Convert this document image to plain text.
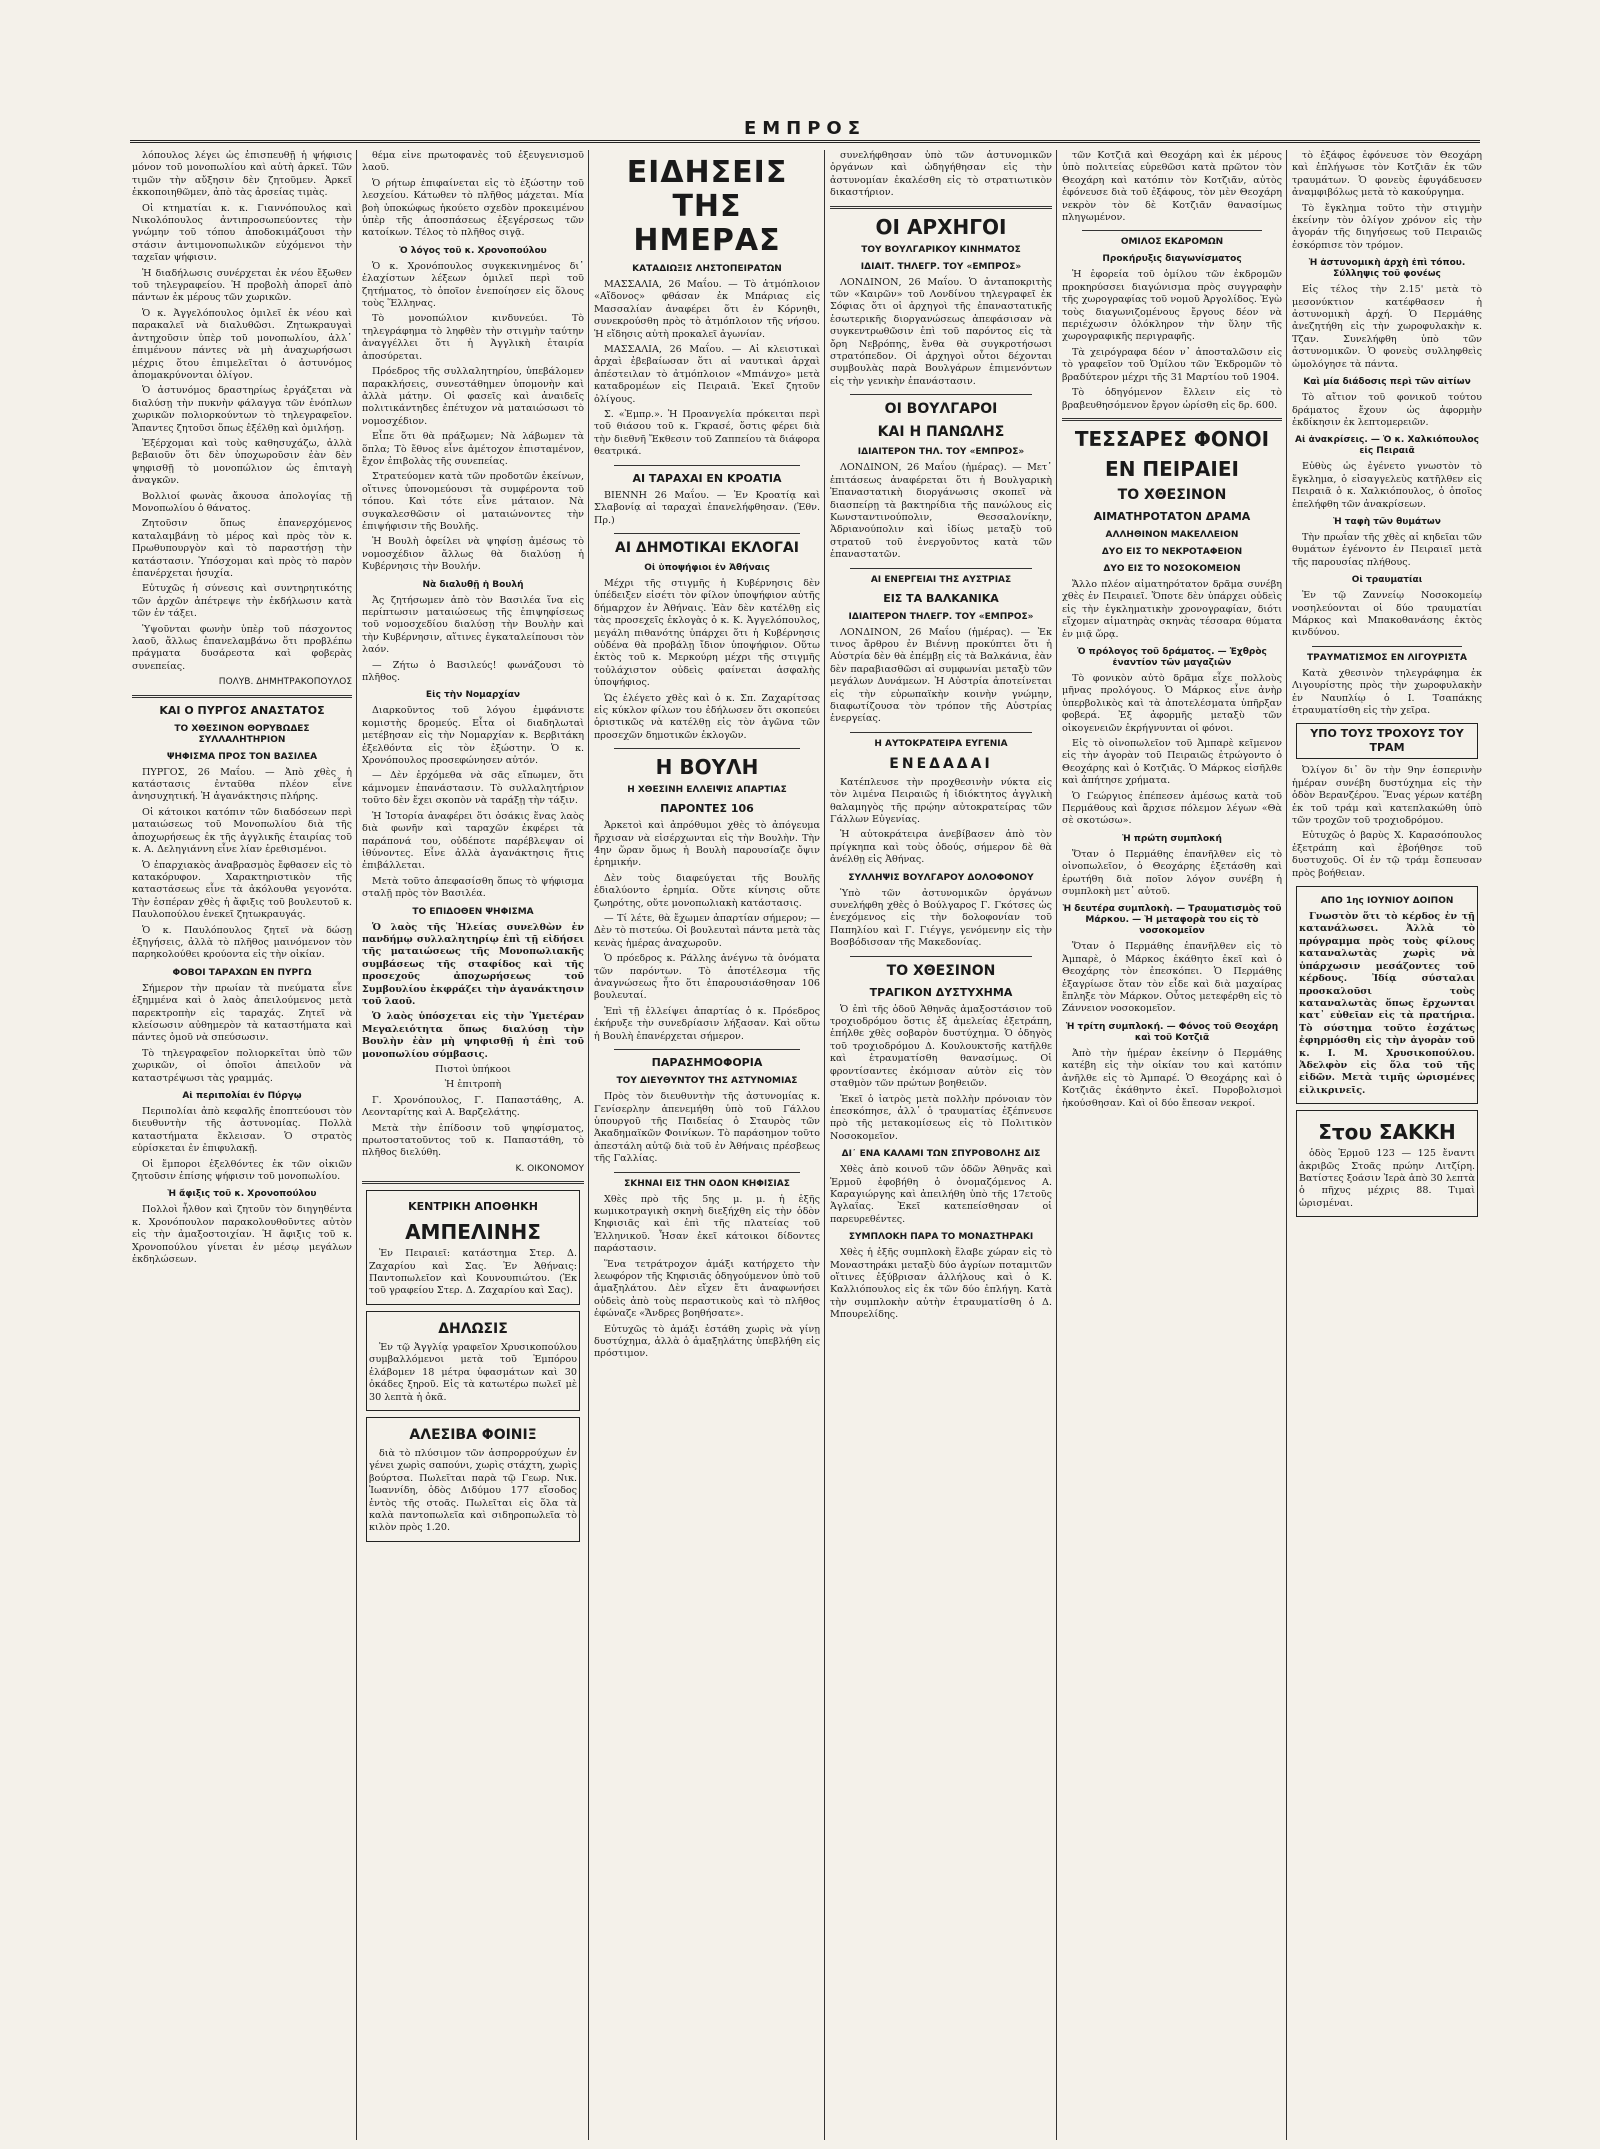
ΕΜΠΡΟΣ

λόπουλος λέγει ὡς ἐπισπευθῇ ἡ ψήφισις μόνον τοῦ μονοπωλίου καὶ αὐτὴ ἀρκεῖ. Τῶν τιμῶν τὴν αὔξησιν δὲν ζητοῦμεν. Ἀρκεῖ ἐκκοποιηθῶμεν, ἀπὸ τὰς ἀρσείας τιμὰς.

Οἱ κτηματίαι κ. κ. Γιαννόπουλος καὶ Νικολόπουλος ἀντιπροσωπεύοντες τὴν γνώμην τοῦ τόπου ἀποδοκιμάζουσι τὴν στάσιν ἀντιμονοπωλικῶν εὐχόμενοι τὴν ταχεῖαν ψήφισιν.

Ἡ διαδήλωσις συνέρχεται ἐκ νέου ἔξωθεν τοῦ τηλεγραφείου. Ἡ προβολὴ ἀπορεῖ ἀπὸ πάντων ἐκ μέρους τῶν χωρικῶν.

Ὁ κ. Ἀγγελόπουλος ὁμιλεῖ ἐκ νέου καὶ παρακαλεῖ νὰ διαλυθῶσι. Ζητωκραυγαὶ ἀντηχοῦσιν ὑπὲρ τοῦ μονοπωλίου, ἀλλ᾽ ἐπιμένουν πάντες νὰ μὴ ἀναχωρήσωσι μέχρις ὅτου ἐπιμελεῖται ὁ ἀστυνόμος ἀπομακρύνονται ὀλίγον.

Ὁ ἀστυνόμος δραστηρίως ἐργάζεται νὰ διαλύσῃ τὴν πυκνὴν φάλαγγα τῶν ἐνόπλων χωρικῶν πολιορκούντων τὸ τηλεγραφεῖον. Ἅπαντες ζητοῦσι ὅπως ἐξέλθῃ καὶ ὁμιλήσῃ.

Ἐξέρχομαι καὶ τοὺς καθησυχάζω, ἀλλὰ βεβαιοῦν ὅτι δὲν ὑποχωροῦσιν ἐὰν δὲν ψηφισθῇ τὸ μονοπώλιον ὡς ἐπιταγὴ ἀναγκῶν.

Βολλιοί φωνὰς ἄκουσα ἀπολογίας τῇ Μονοπωλίου ὁ θάνατος.

Ζητοῦσιν ὅπως ἐπανερχόμενος καταλαμβάνῃ τὸ μέρος καὶ πρὸς τὸν κ. Πρωθυπουργὸν καὶ τὸ παραστήσῃ τὴν κατάστασιν. Ὑπόσχομαι καὶ πρὸς τὸ παρὸν ἐπανέρχεται ἡσυχία.

Εὐτυχῶς ἡ σύνεσις καὶ συντηρητικότης τῶν ἀρχῶν ἀπέτρεψε τὴν ἐκδήλωσιν κατὰ τῶν ἐν τάξει.

Ὑψοῦνται φωνὴν ὑπὲρ τοῦ πάσχοντος λαοῦ, ἄλλως ἐπανελαμβάνω ὅτι προβλέπω πράγματα δυσάρεστα καὶ φοβερὰς συνεπείας.

ΠΟΛΥΒ. ΔΗΜΗΤΡΑΚΟΠΟΥΛΟΣ
ΚΑΙ Ο ΠΥΡΓΟΣ ΑΝΑΣΤΑΤΟΣ
ΤΟ ΧΘΕΣΙΝΟΝ ΘΟΡΥΒΩΔΕΣ ΣΥΛΛΑΛΗΤΗΡΙΟΝ
ΨΗΦΙΣΜΑ ΠΡΟΣ ΤΟΝ ΒΑΣΙΛΕΑ

ΠΥΡΓΟΣ, 26 Μαΐου. — Ἀπὸ χθὲς ἡ κατάστασις ἐνταῦθα πλέον εἶνε ἀνησυχητική. Ἡ ἀγανάκτησις πλήρης.

Οἱ κάτοικοι κατόπιν τῶν διαδόσεων περὶ ματαιώσεως τοῦ Μονοπωλίου διὰ τῆς ἀποχωρήσεως ἐκ τῆς ἀγγλικῆς ἑταιρίας τοῦ κ. Α. Δεληγιάννη εἶνε λίαν ἐρεθισμένοι.

Ὁ ἐπαρχιακὸς ἀναβρασμὸς ἔφθασεν εἰς τὸ κατακόρυφον. Χαρακτηριστικὸν τῆς καταστάσεως εἶνε τὰ ἀκόλουθα γεγονότα. Τὴν ἑσπέραν χθὲς ἡ ἄφιξις τοῦ βουλευτοῦ κ. Παυλοπούλου ἐνεκεῖ ζητωκραυγάς.

Ὁ κ. Παυλόπουλος ζητεῖ νὰ δώσῃ ἐξηγήσεις, ἀλλὰ τὸ πλῆθος μαινόμενον τὸν παρηκολούθει κρούοντα εἰς τὴν οἰκίαν.

ΦΟΒΟΙ ΤΑΡΑΧΩΝ ΕΝ ΠΥΡΓΩ

Σήμερον τὴν πρωίαν τὰ πνεύματα εἶνε ἐξημμένα καὶ ὁ λαὸς ἀπειλούμενος μετὰ παρεκτροπὴν εἰς ταραχάς. Ζητεῖ νὰ κλείσωσιν αὐθημερὸν τὰ καταστήματα καὶ πάντες ὁμοῦ νὰ σπεύσωσιν.

Τὸ τηλεγραφεῖον πολιορκεῖται ὑπὸ τῶν χωρικῶν, οἱ ὁποῖοι ἀπειλοῦν νὰ καταστρέψωσι τὰς γραμμάς.

Αἱ περιπολίαι ἐν Πύργῳ

Περιπολίαι ἀπὸ κεφαλῆς ἐποπτεύουσι τὸν διευθυντὴν τῆς ἀστυνομίας. Πολλὰ καταστήματα ἔκλεισαν. Ὁ στρατὸς εὑρίσκεται ἐν ἐπιφυλακῇ.

Οἱ ἔμποροι ἐξελθόντες ἐκ τῶν οἰκιῶν ζητοῦσιν ἐπίσης ψήφισιν τοῦ μονοπωλίου.

Ἡ ἄφιξις τοῦ κ. Χρονοπούλου

Πολλοὶ ἦλθον καὶ ζητοῦν τὸν διηγηθέντα κ. Χρονόπουλον παρακολουθοῦντες αὐτὸν εἰς τὴν ἀμαξοστοιχίαν. Ἡ ἄφιξις τοῦ κ. Χρονοπούλου γίνεται ἐν μέσῳ μεγάλων ἐκδηλώσεων.

θέμα εἶνε πρωτοφανὲς τοῦ ἐξευγενισμοῦ λαοῦ.

Ὁ ρήτωρ ἐπιφαίνεται εἰς τὸ ἐξώστην τοῦ λεσχείου. Κάτωθεν τὸ πλῆθος μάχεται. Μία βοὴ ὑποκώφως ἠκούετο σχεδὸν προκειμένου ὑπὲρ τῆς ἀποσπάσεως ἐξεγέρσεως τῶν κατοίκων. Τέλος τὸ πλῆθος σιγᾷ.

Ὁ λόγος τοῦ κ. Χρονοπούλου

Ὁ κ. Χρονόπουλος συγκεκινημένος δι᾽ ἐλαχίστων λέξεων ὁμιλεῖ περὶ τοῦ ζητήματος, τὸ ὁποῖον ἐνεποίησεν εἰς ὅλους τοὺς Ἕλληνας.

Τὸ μονοπώλιον κινδυνεύει. Τὸ τηλεγράφημα τὸ ληφθὲν τὴν στιγμὴν ταύτην ἀναγγέλλει ὅτι ἡ Ἀγγλικὴ ἑταιρία ἀποσύρεται.

Πρόεδρος τῆς συλλαλητηρίου, ὑπεβάλομεν παρακλήσεις, συνεστάθημεν ὑπομονὴν καὶ ἀλλὰ μάτην. Οἱ φασεῖς καὶ ἀναιδεῖς πολιτικάντηδες ἐπέτυχον νὰ ματαιώσωσι τὸ νομοσχέδιον.

Εἶπε ὅτι θὰ πράξωμεν; Νὰ λάβωμεν τὰ ὅπλα; Τὸ ἔθνος εἶνε ἀμέτοχον ἐπισταμένον, ἔχον ἐπιβολὰς τῆς συνεπείας.

Στρατεύομεν κατὰ τῶν προδοτῶν ἐκείνων, οἵτινες ὑπονομεύουσι τὰ συμφέροντα τοῦ τόπου. Καὶ τότε εἶνε μάταιον. Νὰ συγκαλεσθῶσιν οἱ ματαιώνοντες τὴν ἐπιψήφισιν τῆς Βουλῆς.

Ἡ Βουλὴ ὀφείλει νὰ ψηφίσῃ ἀμέσως τὸ νομοσχέδιον ἄλλως θὰ διαλύσῃ ἡ Κυβέρνησις τὴν Βουλήν.

Νὰ διαλυθῇ ἡ Βουλή

Ἀς ζητήσωμεν ἀπὸ τὸν Βασιλέα ἵνα εἰς περίπτωσιν ματαιώσεως τῆς ἐπιψηφίσεως τοῦ νομοσχεδίου διαλύσῃ τὴν Βουλὴν καὶ τὴν Κυβέρνησιν, αἵτινες ἐγκαταλείπουσι τὸν λαόν.

— Ζήτω ὁ Βασιλεύς! φωνάζουσι τὸ πλῆθος.

Εἰς τὴν Νομαρχίαν

Διαρκοῦντος τοῦ λόγου ἐμφάνιστε κομιστὴς δρομεύς. Εἶτα οἱ διαδηλωταὶ μετέβησαν εἰς τὴν Νομαρχίαν κ. Βερβιτάκη ἐξελθόντα εἰς τὸν ἐξώστην. Ὁ κ. Χρονόπουλος προσεφώνησεν αὐτόν.

— Δὲν ἐρχόμεθα νὰ σᾶς εἴπωμεν, ὅτι κάμνομεν ἐπανάστασιν. Τὸ συλλαλητήριον τοῦτο δὲν ἔχει σκοπὸν νὰ ταράξῃ τὴν τάξιν.

Ἡ Ἱστορία ἀναφέρει ὅτι ὁσάκις ἕνας λαὸς διὰ φωνῆν καὶ ταραχῶν ἐκφέρει τὰ παράπονά του, οὐδέποτε παρέβλεψαν οἱ ἰθύνοντες. Εἶνε ἀλλὰ ἀγανάκτησις ἤτις ἐπιβάλλεται.

Μετὰ τοῦτο ἀπεφασίσθη ὅπως τὸ ψήφισμα σταλῇ πρὸς τὸν Βασιλέα.

ΤΟ ΕΠΙΔΟΘΕΝ ΨΗΦΙΣΜΑ

Ὁ λαὸς τῆς Ἠλείας συνελθὼν ἐν πανδήμῳ συλλαλητηρίῳ ἐπὶ τῇ εἰδήσει τῆς ματαιώσεως τῆς Μονοπωλιακῆς συμβάσεως τῆς σταφίδος καὶ τῆς προσεχοῦς ἀποχωρήσεως τοῦ Συμβουλίου ἐκφράζει τὴν ἀγανάκτησιν τοῦ λαοῦ.

Ὁ λαὸς ὑπόσχεται εἰς τὴν Ὑμετέραν Μεγαλειότητα ὅπως διαλύσῃ τὴν Βουλὴν ἐὰν μὴ ψηφισθῇ ἡ ἐπὶ τοῦ μονοπωλίου σύμβασις.

Πιστοὶ ὑπήκοοι

Ἡ ἐπιτροπὴ

Γ. Χρονόπουλος, Γ. Παπαστάθης, Α. Λεονταρίτης καὶ Α. Βαρζελάτης.

Μετὰ τὴν ἐπίδοσιν τοῦ ψηφίσματος, πρωτοστατοῦντος τοῦ κ. Παπαστάθη, τὸ πλῆθος διελύθη.

Κ. ΟΙΚΟΝΟΜΟΥ
ΚΕΝΤΡΙΚΗ ΑΠΟΘΗΚΗ
ΑΜΠΕΛΙΝΗΣ

Ἐν Πειραιεῖ: κατάστημα Στερ. Δ. Ζαχαρίου καὶ Σας. Ἐν Ἀθήναις: Παντοπωλεῖον καὶ Κουνουπιώτου. (Ἐκ τοῦ γραφείου Στερ. Δ. Ζαχαρίου καὶ Σας).

ΔΗΛΩΣΙΣ

Ἐν τῷ Ἀγγλίᾳ γραφεῖον Χρυσικοπούλου συμβαλλόμενοι μετὰ τοῦ Ἐμπόρου ἐλάβομεν 18 μέτρα ὑφασμάτων καὶ 30 ὀκάδες ξηροῦ. Εἰς τὰ κατωτέρω πωλεῖ μὲ 30 λεπτὰ ἡ ὀκᾶ.

ΑΛΕΣΙΒΑ ΦΟΙΝΙΞ

διὰ τὸ πλύσιμον τῶν ἀσπρορρούχων ἐν γένει χωρὶς σαπούνι, χωρὶς στάχτη, χωρὶς βούρτσα. Πωλεῖται παρὰ τῷ Γεωρ. Νικ. Ἰωαννίδη, ὁδὸς Διδύμου 177 εἴσοδος ἐντὸς τῆς στοᾶς. Πωλεῖται εἰς ὅλα τὰ καλὰ παντοπωλεῖα καὶ σιδηροπωλεῖα τὸ κιλὸν πρὸς 1.20.

ΕΙΔΗΣΕΙΣ ΤΗΣ ΗΜΕΡΑΣ
ΚΑΤΑΔΙΩΞΙΣ ΛΗΣΤΟΠΕΙΡΑΤΩΝ

ΜΑΣΣΑΛΙΑ, 26 Μαΐου. — Τὸ ἀτμόπλοιον «Αἴδονος» φθάσαν ἐκ Μπάριας εἰς Μασσαλίαν ἀναφέρει ὅτι ἐν Κόρνηθι, συνεκρούσθη πρὸς τὸ ἀτμόπλοιον τῆς νήσου. Ἡ εἴδησις αὐτὴ προκαλεῖ ἀγωνίαν.

ΜΑΣΣΑΛΙΑ, 26 Μαΐου. — Αἱ κλειστικαὶ ἀρχαὶ ἐβεβαίωσαν ὅτι αἱ ναυτικαὶ ἀρχαὶ ἀπέστειλαν τὸ ἀτμόπλοιον «Μπιάνχο» μετὰ καταδρομέων εἰς Πειραιᾶ. Ἐκεῖ ζητοῦν ὀλίγους.

Σ. «Ἐμπρ.». Ἡ Προανγελία πρόκειται περὶ τοῦ θιάσου τοῦ κ. Γκρασέ, ὅστις φέρει διὰ τὴν διεθνῆ Ἔκθεσιν τοῦ Ζαππείου τὰ διάφορα θεατρικά.

ΑΙ ΤΑΡΑΧΑΙ ΕΝ ΚΡΟΑΤΙΑ

ΒΙΕΝΝΗ 26 Μαΐου. — Ἐν Κροατίᾳ καὶ Σλαβονίᾳ αἱ ταραχαὶ ἐπανελήφθησαν. (Ἐθν. Πρ.)

ΑΙ ΔΗΜΟΤΙΚΑΙ ΕΚΛΟΓΑΙ
Οἱ ὑποψήφιοι ἐν Ἀθήναις

Μέχρι τῆς στιγμῆς ἡ Κυβέρνησις δὲν ὑπέδειξεν εἰσέτι τὸν φίλον ὑποψήφιον αὐτῆς δήμαρχον ἐν Ἀθήναις. Ἐὰν δὲν κατέλθῃ εἰς τὰς προσεχεῖς ἐκλογὰς ὁ κ. Κ. Ἀγγελόπουλος, μεγάλη πιθανότης ὑπάρχει ὅτι ἡ Κυβέρνησις οὐδένα θὰ προβάλῃ ἴδιον ὑποψήφιον. Οὕτω ἐκτὸς τοῦ κ. Μερκούρη μέχρι τῆς στιγμῆς τοὐλάχιστον οὐδεὶς φαίνεται ἀσφαλὴς ὑποψήφιος.

Ὡς ἐλέγετο χθὲς καὶ ὁ κ. Σπ. Ζαχαρίτσας εἰς κύκλον φίλων του ἐδήλωσεν ὅτι σκοπεύει ὁριστικῶς νὰ κατέλθῃ εἰς τὸν ἀγῶνα τῶν προσεχῶν δημοτικῶν ἐκλογῶν.

Η ΒΟΥΛΗ
Η ΧΘΕΣΙΝΗ ΕΛΛΕΙΨΙΣ ΑΠΑΡΤΙΑΣ
ΠΑΡΟΝΤΕΣ 106

Ἀρκετοὶ καὶ ἀπρόθυμοι χθὲς τὸ ἀπόγευμα ἤρχισαν νὰ εἰσέρχωνται εἰς τὴν Βουλὴν. Τὴν 4ην ὥραν ὅμως ἡ Βουλὴ παρουσίαζε ὄψιν ἐρημικήν.

Δὲν τοὺς διαφεύγεται τῆς Βουλῆς ἐδιαλύοντο ἐρημία. Οὔτε κίνησις οὔτε ζωηρότης, οὔτε μονοπωλιακὴ κατάστασις.

— Τί λέτε, θὰ ἔχωμεν ἀπαρτίαν σήμερον; — Δὲν τὸ πιστεύω. Οἱ βουλευταὶ πάντα μετὰ τὰς κενὰς ἡμέρας ἀναχωροῦν.

Ὁ πρόεδρος κ. Ράλλης ἀνέγνω τὰ ὀνόματα τῶν παρόντων. Τὸ ἀποτέλεσμα τῆς ἀναγνώσεως ἦτο ὅτι ἐπαρουσιάσθησαν 106 βουλευταί.

Ἐπὶ τῇ ἐλλείψει ἀπαρτίας ὁ κ. Πρόεδρος ἐκήρυξε τὴν συνεδρίασιν λήξασαν. Καὶ οὕτω ἡ Βουλὴ ἐπανέρχεται σήμερον.

ΠΑΡΑΣΗΜΟΦΟΡΙΑ
ΤΟΥ ΔΙΕΥΘΥΝΤΟΥ ΤΗΣ ΑΣΤΥΝΟΜΙΑΣ

Πρὸς τὸν διευθυντὴν τῆς ἀστυνομίας κ. Γενίσερλην ἀπενεμήθη ὑπὸ τοῦ Γάλλου ὑπουργοῦ τῆς Παιδείας ὁ Σταυρὸς τῶν Ἀκαδημαϊκῶν Φοινίκων. Τὸ παράσημον τοῦτο ἀπεστάλη αὐτῷ διὰ τοῦ ἐν Ἀθήναις πρέσβεως τῆς Γαλλίας.

ΣΚΗΝΑΙ ΕΙΣ ΤΗΝ ΟΔΟΝ ΚΗΦΙΣΙΑΣ

Χθὲς πρὸ τῆς 5ης μ. μ. ἡ ἑξῆς κωμικοτραγικὴ σκηνὴ διεξήχθη εἰς τὴν ὁδὸν Κηφισιᾶς καὶ ἐπὶ τῆς πλατείας τοῦ Ἑλληνικοῦ. Ἦσαν ἐκεῖ κάτοικοι δίδοντες παράστασιν.

Ἕνα τετράτροχον ἁμάξι κατήρχετο τὴν λεωφόρον τῆς Κηφισιᾶς ὁδηγούμενον ὑπὸ τοῦ ἁμαξηλάτου. Δὲν εἴχεν ἔτι ἀναφωνήσει οὐδεὶς ἀπὸ τοὺς περαστικοὺς καὶ τὸ πλῆθος ἐφώναζε «Ἄνδρες βοηθήσατε».

Εὐτυχῶς τὸ ἁμάξι ἐστάθη χωρὶς νὰ γίνῃ δυστύχημα, ἀλλὰ ὁ ἁμαξηλάτης ὑπεβλήθη εἰς πρόστιμον.

συνελήφθησαν ὑπὸ τῶν ἀστυνομικῶν ὀργάνων καὶ ὡδηγήθησαν εἰς τὴν ἀστυνομίαν ἐκαλέσθη εἰς τὸ στρατιωτικὸν δικαστήριον.

ΟΙ ΑΡΧΗΓΟΙ
ΤΟΥ ΒΟΥΛΓΑΡΙΚΟΥ ΚΙΝΗΜΑΤΟΣ
ΙΔΙΑΙΤ. ΤΗΛΕΓΡ. ΤΟΥ «ΕΜΠΡΟΣ»

ΛΟΝΔΙΝΟΝ, 26 Μαΐου. Ὁ ἀνταποκριτὴς τῶν «Καιρῶν» τοῦ Λονδίνου τηλεγραφεῖ ἐκ Σόφιας ὅτι οἱ ἀρχηγοὶ τῆς ἐπαναστατικῆς ἐσωτερικῆς διοργανώσεως ἀπεφάσισαν νὰ συγκεντρωθῶσιν ἐπὶ τοῦ παρόντος εἰς τὰ ὄρη Νεβρόπης, ἔνθα θὰ συγκροτήσωσι στρατόπεδον. Οἱ ἀρχηγοὶ οὗτοι δέχονται συμβουλὰς παρὰ Βουλγάρων ἐπιμενόντων εἰς τὴν γενικὴν ἐπανάστασιν.

ΟΙ ΒΟΥΛΓΑΡΟΙ
ΚΑΙ Η ΠΑΝΩΛΗΣ
ΙΔΙΑΙΤΕΡΟΝ ΤΗΛ. ΤΟΥ «ΕΜΠΡΟΣ»

ΛΟΝΔΙΝΟΝ, 26 Μαΐου (ἡμέρας). — Μετ᾽ ἐπιτάσεως ἀναφέρεται ὅτι ἡ Βουλγαρικὴ Ἐπαναστατικὴ διοργάνωσις σκοπεῖ νὰ διασπείρῃ τὰ βακτηρίδια τῆς πανώλους εἰς Κωνσταντινούπολιν, Θεσσαλονίκην, Ἀδριανούπολιν καὶ ἰδίως μεταξὺ τοῦ στρατοῦ τοῦ ἐνεργοῦντος κατὰ τῶν ἐπαναστατῶν.

ΑΙ ΕΝΕΡΓΕΙΑΙ ΤΗΣ ΑΥΣΤΡΙΑΣ
ΕΙΣ ΤΑ ΒΑΛΚΑΝΙΚΑ
ΙΔΙΑΙΤΕΡΟΝ ΤΗΛΕΓΡ. ΤΟΥ «ΕΜΠΡΟΣ»

ΛΟΝΔΙΝΟΝ, 26 Μαΐου (ἡμέρας). — Ἐκ τινος ἄρθρου ἐν Βιέννῃ προκύπτει ὅτι ἡ Αὐστρία δὲν θὰ ἐπέμβῃ εἰς τὰ Βαλκάνια, ἐὰν δὲν παραβιασθῶσι αἱ συμφωνίαι μεταξὺ τῶν μεγάλων Δυνάμεων. Ἡ Αὐστρία ἀποτείνεται εἰς τὴν εὐρωπαϊκὴν κοινὴν γνώμην, διαφωτίζουσα τὸν τρόπον τῆς Αὐστρίας ἐνεργείας.

Η ΑΥΤΟΚΡΑΤΕΙΡΑ ΕΥΓΕΝΙΑ
ΕΝΕΔΑΔΑΙ

Κατέπλευσε τὴν προχθεσινὴν νύκτα εἰς τὸν λιμένα Πειραιῶς ἡ ἰδιόκτητος ἀγγλικὴ θαλαμηγὸς τῆς πρῴην αὐτοκρατείρας τῶν Γάλλων Εὐγενίας.

Ἡ αὐτοκράτειρα ἀνεβίβασεν ἀπὸ τὸν πρίγκηπα καὶ τοὺς ὁδούς, σήμερον δὲ θὰ ἀνέλθῃ εἰς Ἀθήνας.

ΣΥΛΛΗΨΙΣ ΒΟΥΛΓΑΡΟΥ ΔΟΛΟΦΟΝΟΥ

Ὑπὸ τῶν ἀστυνομικῶν ὀργάνων συνελήφθη χθὲς ὁ Βούλγαρος Γ. Γκότσες ὡς ἐνεχόμενος εἰς τὴν δολοφονίαν τοῦ Παπηλίου καὶ Γ. Γιέγγε, γενόμενην εἰς τὴν Βοσβόδισσαν τῆς Μακεδονίας.

ΤΟ ΧΘΕΣΙΝΟΝ
ΤΡΑΓΙΚΟΝ ΔΥΣΤΥΧΗΜΑ

Ὁ ἐπὶ τῆς ὁδοῦ Ἀθηνᾶς ἀμαξοστάσιον τοῦ τροχιοδρόμου ὅστις ἐξ ἀμελείας ἐξετράπη, ἐπήλθε χθὲς σοβαρὸν δυστύχημα. Ὁ ὁδηγὸς τοῦ τροχιοδρόμου Δ. Κουλουκτσῆς κατῆλθε καὶ ἐτραυματίσθη θανασίμως. Οἱ φροντίσαντες ἐκόμισαν αὐτὸν εἰς τὸν σταθμὸν τῶν πρώτων βοηθειῶν.

Ἐκεῖ ὁ ἰατρὸς μετὰ πολλὴν πρόνοιαν τὸν ἐπεσκόπησε, ἀλλ᾽ ὁ τραυματίας ἐξέπνευσε πρὸ τῆς μετακομίσεως εἰς τὸ Πολιτικὸν Νοσοκομεῖον.

ΔΙ᾽ ΕΝΑ ΚΑΛΑΜΙ ΤΩΝ ΣΠΥΡΟΒΟΛΗΣ ΔΙΣ

Χθὲς ἀπὸ κοινοῦ τῶν ὁδῶν Ἀθηνᾶς καὶ Ἑρμοῦ ἐφοβήθη ὁ ὀνομαζόμενος Α. Καραγιώργης καὶ ἀπειλήθη ὑπὸ τῆς 17ετοῦς Ἀγλαΐας. Ἐκεῖ κατεπείσθησαν οἱ παρευρεθέντες.

ΣΥΜΠΛΟΚΗ ΠΑΡΑ ΤΟ ΜΟΝΑΣΤΗΡΑΚΙ

Χθὲς ἡ ἑξῆς συμπλοκὴ ἔλαβε χώραν εἰς τὸ Μοναστηράκι μεταξὺ δύο ἀγρίων ποταμιτῶν οἵτινες ἐξύβρισαν ἀλλήλους καὶ ὁ Κ. Καλλιόπουλος εἰς ἐκ τῶν δύο ἐπλήγη. Κατὰ τὴν συμπλοκὴν αὐτὴν ἐτραυματίσθη ὁ Δ. Μπουρελίδης.

τῶν Κοτζιᾶ καὶ Θεοχάρη καὶ ἐκ μέρους ὑπὸ πολιτείας εὑρεθῶσι κατὰ πρῶτον τὸν Θεοχάρη καὶ κατόπιν τὸν Κοτζιᾶν, αὐτὸς ἐφόνευσε διὰ τοῦ ἐξάφους, τὸν μὲν Θεοχάρη νεκρὸν τὸν δὲ Κοτζιᾶν θανασίμως πληγωμένον.

ΟΜΙΛΟΣ ΕΚΔΡΟΜΩΝ
Προκήρυξις διαγωνίσματος

Ἡ ἐφορεία τοῦ ὁμίλου τῶν ἐκδρομῶν προκηρύσσει διαγώνισμα πρὸς συγγραφὴν τῆς χωρογραφίας τοῦ νομοῦ Ἀργολίδος. Ἐγὼ τοὺς διαγωνιζομένους ἔργους δέον νὰ περιέχωσιν ὁλόκληρον τὴν ὕλην τῆς χωρογραφικῆς περιγραφῆς.

Τὰ χειρόγραφα δέον ν᾽ ἀποσταλῶσιν εἰς τὸ γραφεῖον τοῦ Ὁμίλου τῶν Ἐκδρομῶν τὸ βραδύτερον μέχρι τῆς 31 Μαρτίου τοῦ 1904.

Τὸ ὁδηγόμενον ἔλλειν εἰς τὸ βραβευθησόμενον ἔργον ὡρίσθη εἰς δρ. 600.

ΤΕΣΣΑΡΕΣ ΦΟΝΟΙ
ΕΝ ΠΕΙΡΑΙΕΙ
ΤΟ ΧΘΕΣΙΝΟΝ
ΑΙΜΑΤΗΡΟΤΑΤΟΝ ΔΡΑΜΑ
ΑΛΛΗΘΙΝΟΝ ΜΑΚΕΛΛΕΙΟΝ
ΔΥΟ ΕΙΣ ΤΟ ΝΕΚΡΟΤΑΦΕΙΟΝ
ΔΥΟ ΕΙΣ ΤΟ ΝΟΣΟΚΟΜΕΙΟΝ

Ἄλλο πλέον αἱματηρότατον δρᾶμα συνέβη χθὲς ἐν Πειραιεῖ. Ὅποτε δὲν ὑπάρχει οὐδεὶς εἰς τὴν ἐγκληματικὴν χρονογραφίαν, διότι εἴχομεν αἱματηρὰς σκηνὰς τέσσαρα θύματα ἐν μιᾷ ὥρᾳ.

Ὁ πρόλογος τοῦ δράματος. — Ἐχθρὸς ἐναντίον τῶν μαγαζιῶν

Τὸ φονικὸν αὐτὸ δρᾶμα εἶχε πολλοὺς μῆνας προλόγους. Ὁ Μάρκος εἶνε ἀνὴρ ὑπερβολικὸς καὶ τὰ ἀποτελέσματα ὑπῆρξαν φοβερά. Ἐξ ἀφορμῆς μεταξὺ τῶν οἰκογενειῶν ἐκρήγνυνται οἱ φόνοι.

Εἰς τὸ οἰνοπωλεῖον τοῦ Ἀμπαρὲ κεῖμενον εἰς τὴν ἀγορὰν τοῦ Πειραιῶς ἐτρώγοντο ὁ Θεοχάρης καὶ ὁ Κοτζιᾶς. Ὁ Μάρκος εἰσῆλθε καὶ ἀπήτησε χρήματα.

Ὁ Γεώργιος ἐπέπεσεν ἀμέσως κατὰ τοῦ Περμάθους καὶ ἄρχισε πόλεμον λέγων «Θὰ σὲ σκοτώσω».

Ἡ πρώτη συμπλοκή

Ὅταν ὁ Περμάθης ἐπανῆλθεν εἰς τὸ οἰνοπωλεῖον, ὁ Θεοχάρης ἐξετάσθη καὶ ἐρωτήθη διὰ ποῖον λόγον συνέβη ἡ συμπλοκὴ μετ᾽ αὐτοῦ.

Ἡ δευτέρα συμπλοκὴ. — Τραυματισμὸς τοῦ Μάρκου. — Ἡ μεταφορὰ του εἰς τὸ νοσοκομεῖον

Ὅταν ὁ Περμάθης ἐπανῆλθεν εἰς τὸ Ἀμπαρὲ, ὁ Μάρκος ἐκάθητο ἐκεῖ καὶ ὁ Θεοχάρης τὸν ἐπεσκόπει. Ὁ Περμάθης ἐξαγρίωσε ὅταν τὸν εἶδε καὶ διὰ μαχαίρας ἔπληξε τὸν Μάρκον. Οὗτος μετεφέρθη εἰς τὸ Ζάννειον νοσοκομεῖον.

Ἡ τρίτη συμπλοκή. — Φόνος τοῦ Θεοχάρη καὶ τοῦ Κοτζιᾶ

Ἀπὸ τὴν ἡμέραν ἐκείνην ὁ Περμάθης κατέβη εἰς τὴν οἰκίαν του καὶ κατόπιν ἀνῆλθε εἰς τὸ Ἀμπαρέ. Ὁ Θεοχάρης καὶ ὁ Κοτζιᾶς ἐκάθηντο ἐκεῖ. Πυροβολισμοὶ ἠκούσθησαν. Καὶ οἱ δύο ἔπεσαν νεκροί.

τὸ ἐξάφος ἐφόνευσε τὸν Θεοχάρη καὶ ἐπλήγωσε τὸν Κοτζιᾶν ἐκ τῶν τραυμάτων. Ὁ φονεὺς ἐφυγάδευσεν ἀναμφιβόλως μετὰ τὸ κακούργημα.

Τὸ ἔγκλημα τοῦτο τὴν στιγμὴν ἐκείνην τὸν ὀλίγον χρόνον εἰς τὴν ἀγοράν τῆς διηγήσεως τοῦ Πειραιῶς ἐσκόρπισε τὸν τρόμον.

Ἡ ἀστυνομικὴ ἀρχὴ ἐπὶ τόπου. Σύλληψις τοῦ φονέως

Εἰς τέλος τὴν 2.15' μετὰ τὸ μεσονύκτιον κατέφθασεν ἡ ἀστυνομικὴ ἀρχή. Ὁ Περμάθης ἀνεζητήθη εἰς τὴν χωροφυλακὴν κ. Τζαν. Συνελήφθη ὑπὸ τῶν ἀστυνομικῶν. Ὁ φονεὺς συλληφθεὶς ὡμολόγησε τὰ πάντα.

Καὶ μία διάδοσις περὶ τῶν αἰτίων

Τὸ αἴτιον τοῦ φονικοῦ τούτου δράματος ἔχουν ὡς ἀφορμὴν ἐκδίκησιν ἐκ λεπτομερειῶν.

Αἱ ἀνακρίσεις. — Ὁ κ. Χαλκιόπουλος εἰς Πειραιᾶ

Εὐθὺς ὡς ἐγένετο γνωστὸν τὸ ἔγκλημα, ὁ εἰσαγγελεὺς κατῆλθεν εἰς Πειραιᾶ ὁ κ. Χαλκιόπουλος, ὁ ὁποῖος ἐπελήφθη τῶν ἀνακρίσεων.

Ἡ ταφὴ τῶν θυμάτων

Τὴν πρωΐαν τῆς χθὲς αἱ κηδεῖαι τῶν θυμάτων ἐγένοντο ἐν Πειραιεῖ μετὰ τῆς παρουσίας πλήθους.

Οἱ τραυματίαι

Ἐν τῷ Ζαννείῳ Νοσοκομείῳ νοσηλεύονται οἱ δύο τραυματίαι Μάρκος καὶ Μπακοθανάσης ἐκτὸς κινδύνου.

ΤΡΑΥΜΑΤΙΣΜΟΣ ΕΝ ΛΙΓΟΥΡΙΣΤΑ

Κατὰ χθεσινὸν τηλεγράφημα ἐκ Λιγουρίστης πρὸς τὴν χωροφυλακὴν ἐν Ναυπλίῳ ὁ Ι. Τσαπάκης ἐτραυματίσθη εἰς τὴν χεῖρα.

ΥΠΟ ΤΟΥΣ ΤΡΟΧΟΥΣ ΤΟΥ ΤΡΑΜ

Ὀλίγον δι᾽ ὃν τὴν 9ην ἑσπερινὴν ἡμέραν συνέβη δυστύχημα εἰς τὴν ὁδὸν Βερανζέρου. Ἕνας γέρων κατέβη ἐκ τοῦ τράμ καὶ κατεπλακώθη ὑπὸ τῶν τροχῶν τοῦ τροχιοδρόμου.

Εὐτυχῶς ὁ βαρὺς Χ. Καρασόπουλος ἐξετράπη καὶ ἐβοήθησε τοῦ δυστυχοῦς. Οἱ ἐν τῷ τράμ ἔσπευσαν πρὸς βοήθειαν.

ΑΠΟ 1ης ΙΟΥΝΙΟΥ ΔΟΙΠΟΝ

Γνωστὸν ὅτι τὸ κέρδος ἐν τῇ κατανάλωσει. Ἀλλὰ τὸ πρόγραμμα πρὸς τοὺς φίλους καταναλωτὰς χωρὶς νὰ ὑπάρχωσιν μεσάζοντες τοῦ κέρδους. Ἰδίᾳ σύσταλαι προσκαλοῦσι τοὺς καταναλωτὰς ὅπως ἔρχωνται κατ᾽ εὐθεῖαν εἰς τὰ πρατήρια. Τὸ σύστημα τοῦτο ἐσχάτως ἐφηρμόσθη εἰς τὴν ἀγορὰν τοῦ κ. Ι. Μ. Χρυσικοπούλου. Ἀδελφὸν εἰς ὅλα τοῦ τῆς εἰδῶν. Μετὰ τιμῆς ὡρισμένες εἰλικρινεῖς.

Στου ΣΑΚΚΗ

ὁδὸς Ἑρμοῦ 123 — 125 ἔναντι ἀκριβῶς Στοᾶς πρώην Λιτζίρη. Βατίστες ξοάσιν Ἰερὰ ἀπὸ 30 λεπτὰ ὁ πῆχυς μέχρις 88. Τιμαὶ ὡρισμέναι.
